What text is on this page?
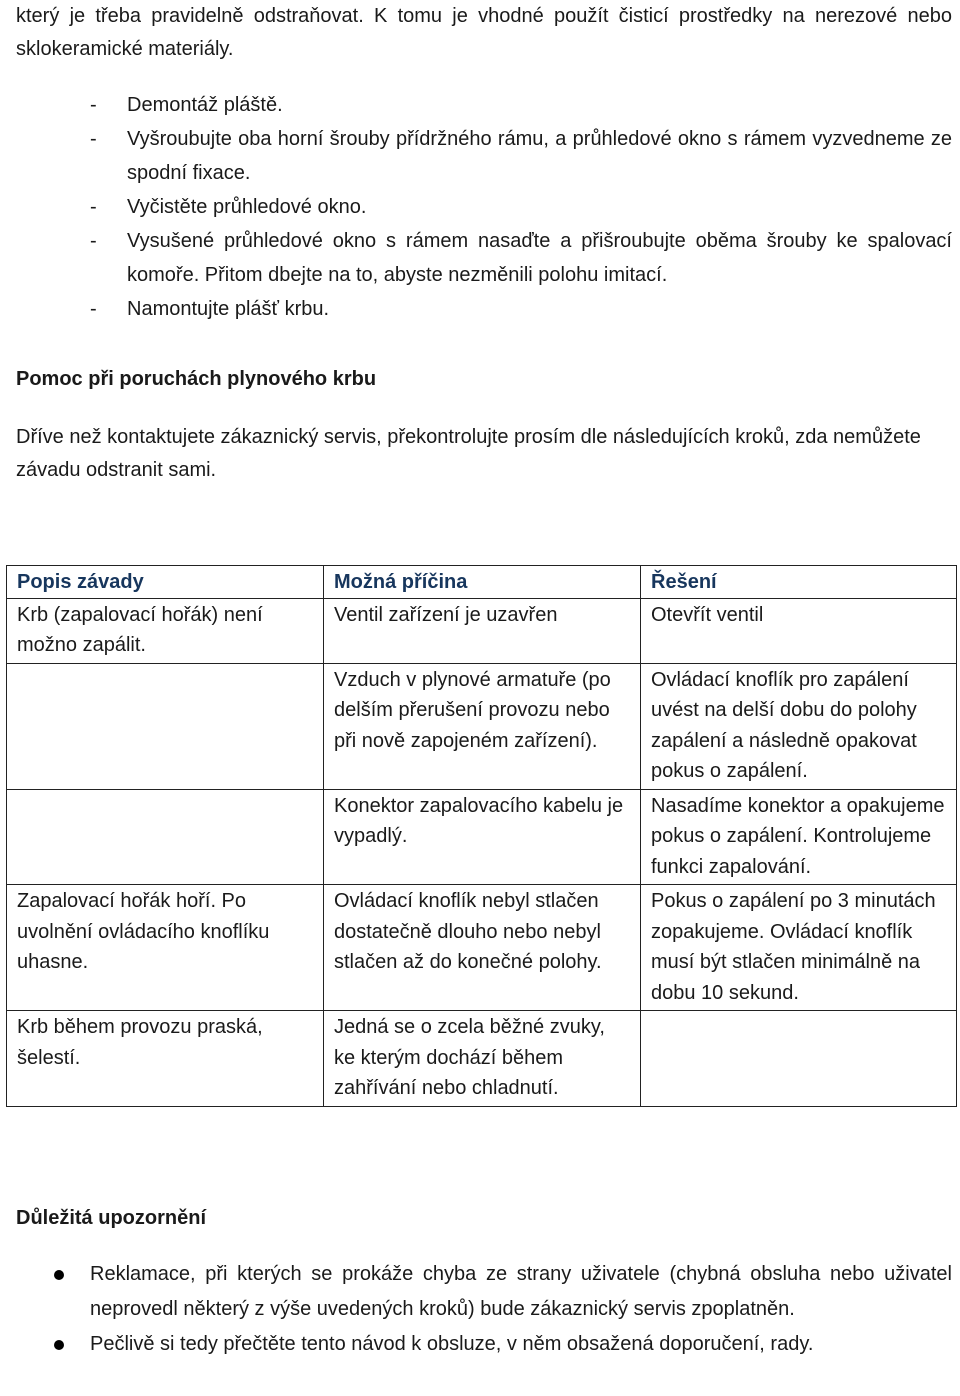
který je třeba pravidelně odstraňovat. K tomu je vhodné použít čisticí prostředky na nerezové nebo sklokeramické materiály.

- Demontáž pláště.
- Vyšroubujte oba horní šrouby přídržného rámu, a průhledové okno s rámem vyzvedneme ze spodní fixace.
- Vyčistěte průhledové okno.
- Vysušené průhledové okno s rámem nasaďte a přišroubujte oběma šrouby ke spalovací komoře. Přitom dbejte na to, abyste nezměnili polohu imitací.
- Namontujte plášť krbu.
Pomoc při poruchách plynového krbu

Dříve než kontaktujete zákaznický servis, překontrolujte prosím dle následujících kroků, zda nemůžete závadu odstranit sami.

Popis závady	Možná příčina	Řešení
Krb (zapalovací hořák) není možno zapálit.	Ventil zařízení je uzavřen	Otevřít ventil
	Vzduch v plynové armatuře (po delším přerušení provozu nebo při nově zapojeném zařízení).	Ovládací knoflík pro zapálení uvést na delší dobu do polohy zapálení a následně opakovat pokus o zapálení.
	Konektor zapalovacího kabelu je vypadlý.	Nasadíme konektor a opakujeme pokus o zapálení. Kontrolujeme funkci zapalování.
Zapalovací hořák hoří. Po uvolnění ovládacího knoflíku uhasne.	Ovládací knoflík nebyl stlačen dostatečně dlouho nebo nebyl stlačen až do konečné polohy.	Pokus o zapálení po 3 minutách zopakujeme. Ovládací knoflík musí být stlačen minimálně na dobu 10 sekund.
Krb během provozu praská, šelestí.	Jedná se o zcela běžné zvuky, ke kterým dochází během zahřívání nebo chladnutí.	
Důležitá upozornění
Reklamace, při kterých se prokáže chyba ze strany uživatele (chybná obsluha nebo uživatel neprovedl některý z výše uvedených kroků) bude zákaznický servis zpoplatněn.
Pečlivě si tedy přečtěte tento návod k obsluze, v něm obsažená doporučení, rady.
